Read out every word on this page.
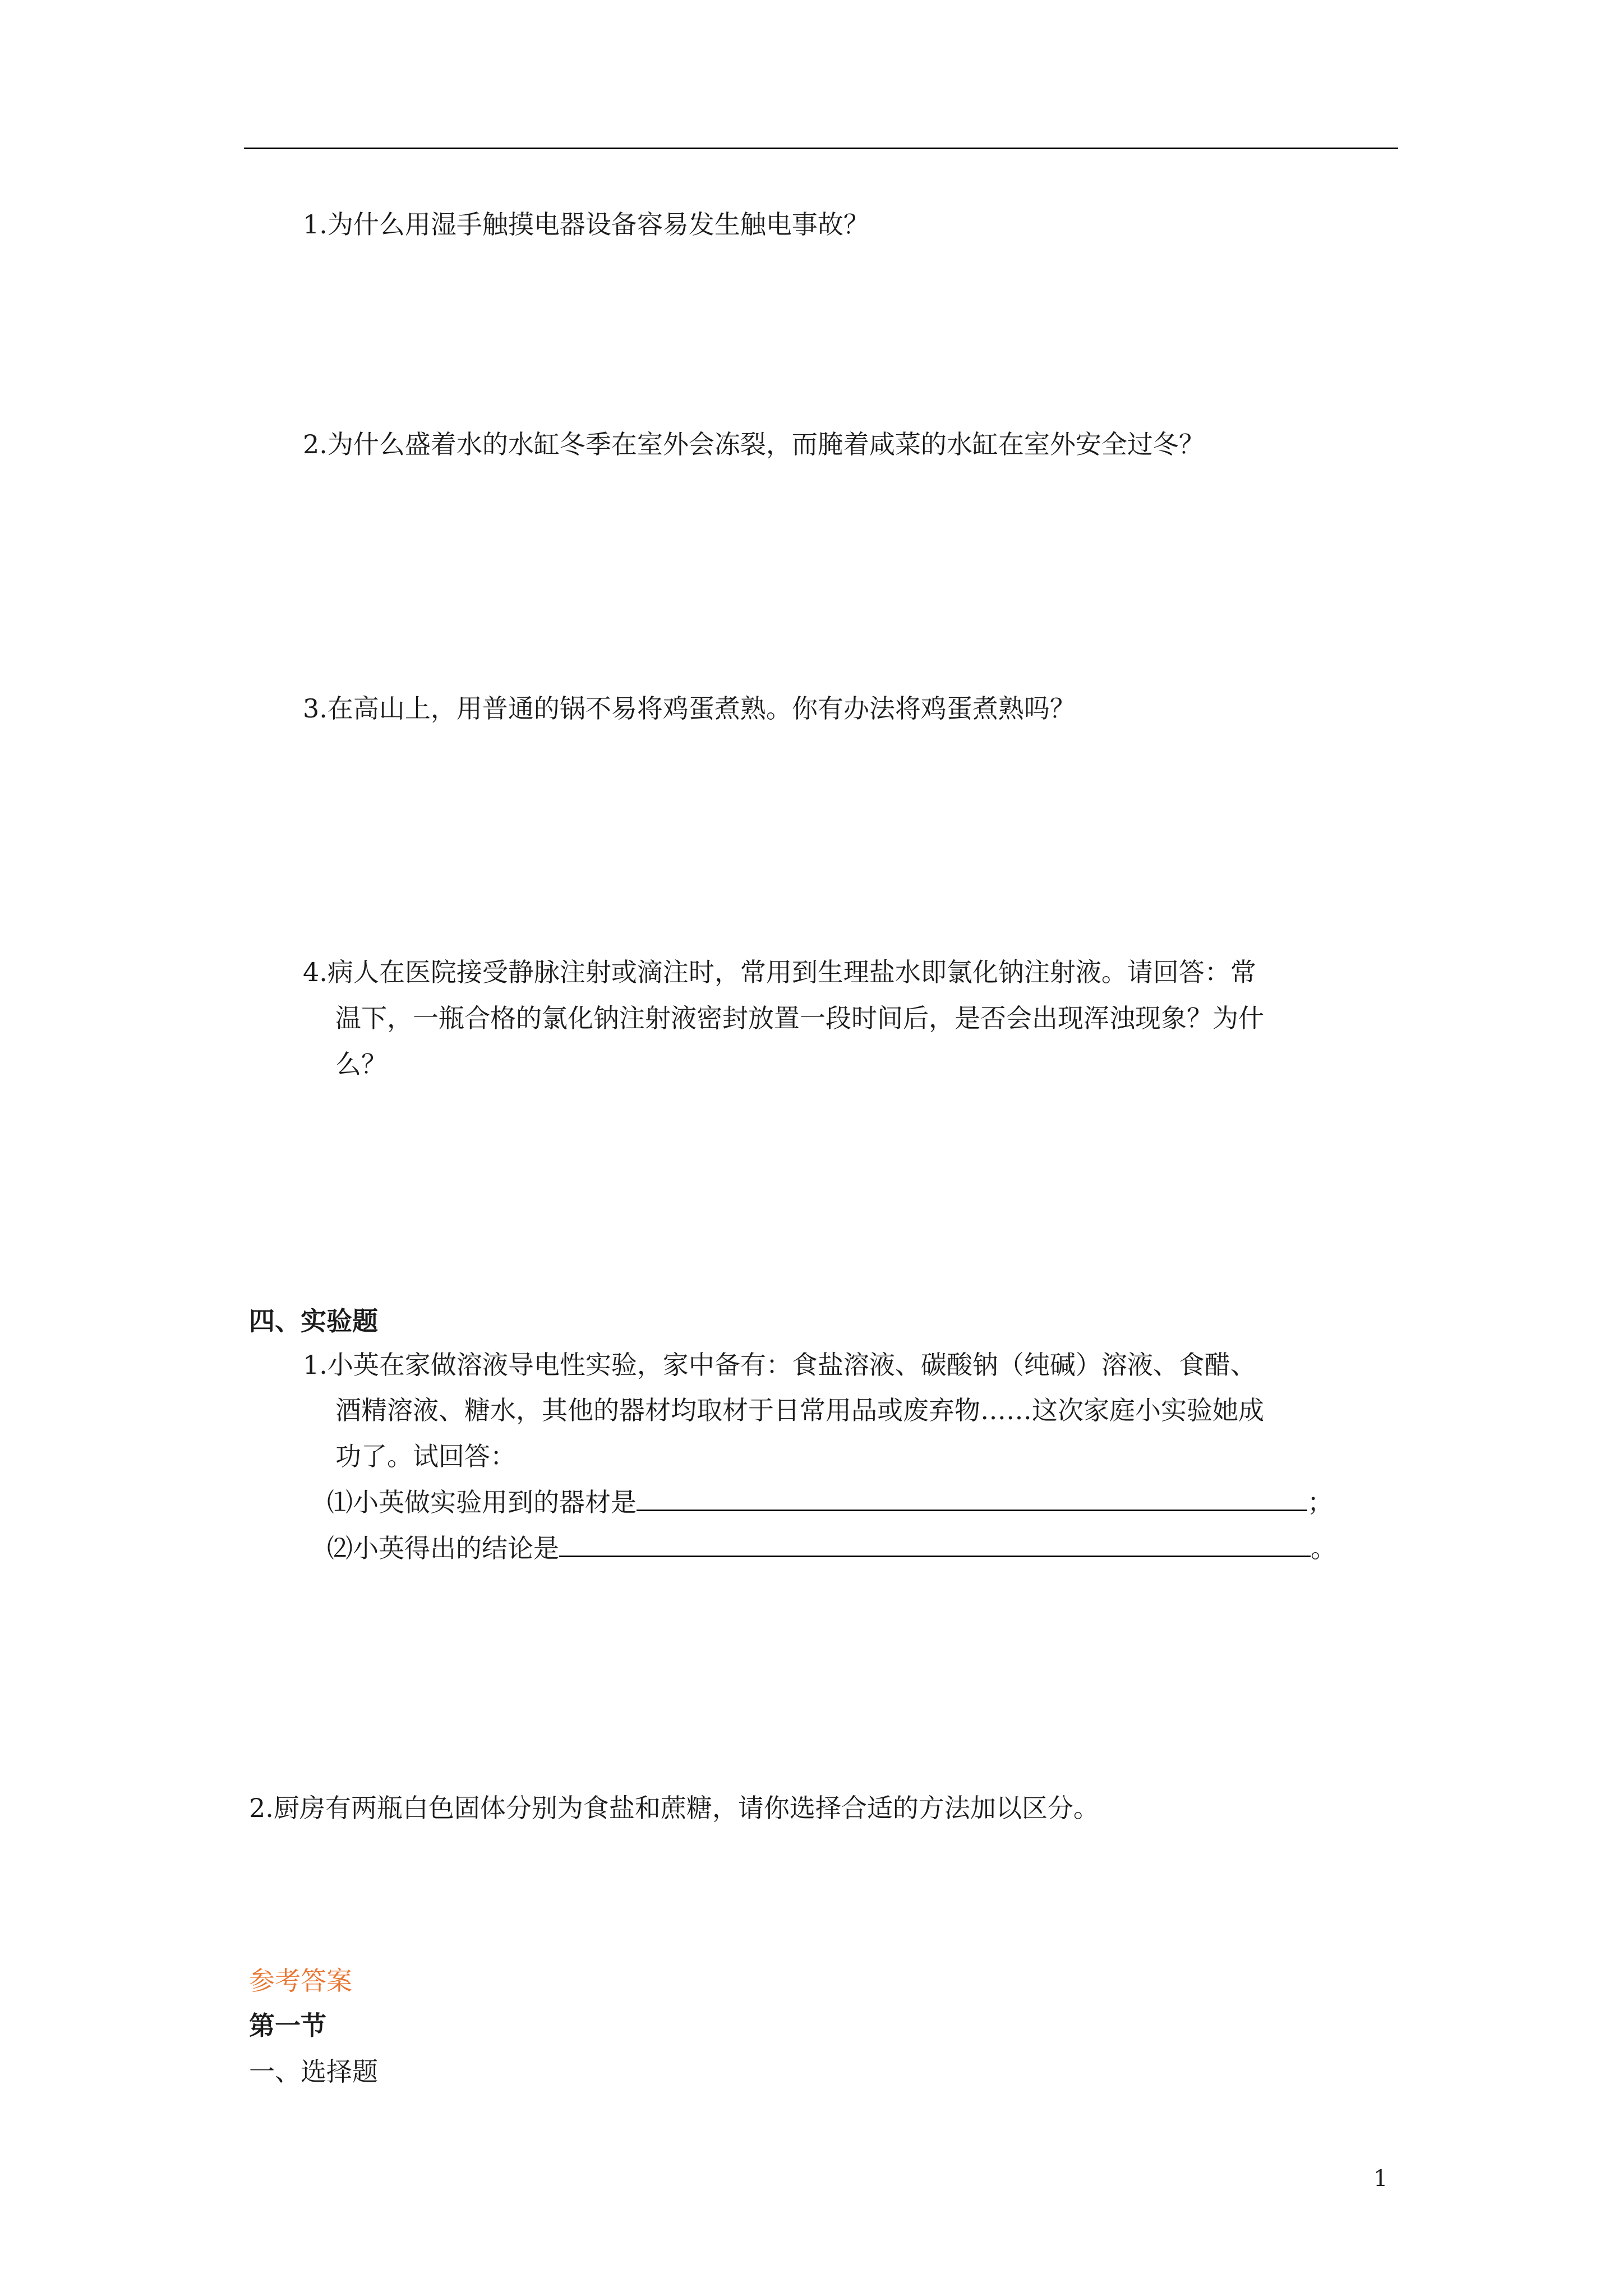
1.为什么用湿手触摸电器设备容易发生触电事故？
2.为什么盛着水的水缸冬季在室外会冻裂，而腌着咸菜的水缸在室外安全过冬？
3.在高山上，用普通的锅不易将鸡蛋煮熟。你有办法将鸡蛋煮熟吗？
4.病人在医院接受静脉注射或滴注时，常用到生理盐水即氯化钠注射液。请回答：常
温下，一瓶合格的氯化钠注射液密封放置一段时间后，是否会出现浑浊现象？为什
么？
四、实验题
1.小英在家做溶液导电性实验，家中备有：食盐溶液、碳酸钠（纯碱）溶液、食醋、
酒精溶液、糖水，其他的器材均取材于日常用品或废弃物……这次家庭小实验她成
功了。试回答：
⑴小英做实验用到的器材是	；
⑵小英得出的结论是	。
2.厨房有两瓶白色固体分别为食盐和蔗糖，请你选择合适的方法加以区分。
参考答案
第一节
一、选择题
1
